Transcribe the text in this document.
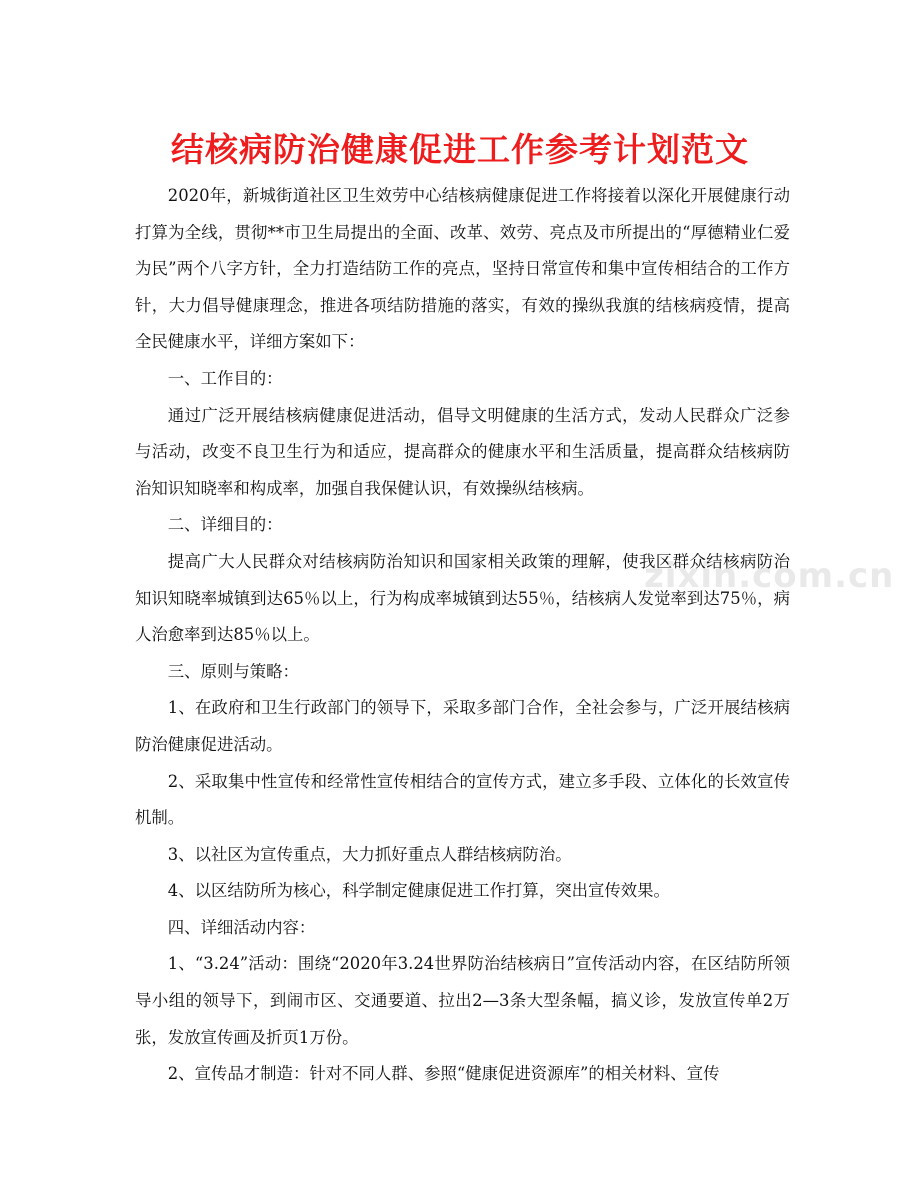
结核病防治健康促进工作参考计划范文
zixin.com.cn

2020年，新城街道社区卫生效劳中心结核病健康促进工作将接着以深化开展健康行动打算为全线，贯彻**市卫生局提出的全面、改革、效劳、亮点及市所提出的“厚德精业仁爱为民”两个八字方针，全力打造结防工作的亮点，坚持日常宣传和集中宣传相结合的工作方针，大力倡导健康理念，推进各项结防措施的落实，有效的操纵我旗的结核病疫情，提高全民健康水平，详细方案如下：

一、工作目的：

通过广泛开展结核病健康促进活动，倡导文明健康的生活方式，发动人民群众广泛参与活动，改变不良卫生行为和适应，提高群众的健康水平和生活质量，提高群众结核病防治知识知晓率和构成率，加强自我保健认识，有效操纵结核病。

二、详细目的：

提高广大人民群众对结核病防治知识和国家相关政策的理解，使我区群众结核病防治知识知晓率城镇到达65％以上，行为构成率城镇到达55％，结核病人发觉率到达75％，病人治愈率到达85％以上。

三、原则与策略：

1、在政府和卫生行政部门的领导下，采取多部门合作，全社会参与，广泛开展结核病防治健康促进活动。

2、采取集中性宣传和经常性宣传相结合的宣传方式，建立多手段、立体化的长效宣传机制。

3、以社区为宣传重点，大力抓好重点人群结核病防治。

4、以区结防所为核心，科学制定健康促进工作打算，突出宣传效果。

四、详细活动内容：

1、“3.24”活动：围绕“2020年3.24世界防治结核病日”宣传活动内容，在区结防所领导小组的领导下，到闹市区、交通要道、拉出2—3条大型条幅，搞义诊，发放宣传单2万张，发放宣传画及折页1万份。

2、宣传品才制造：针对不同人群、参照“健康促进资源库”的相关材料、宣传
